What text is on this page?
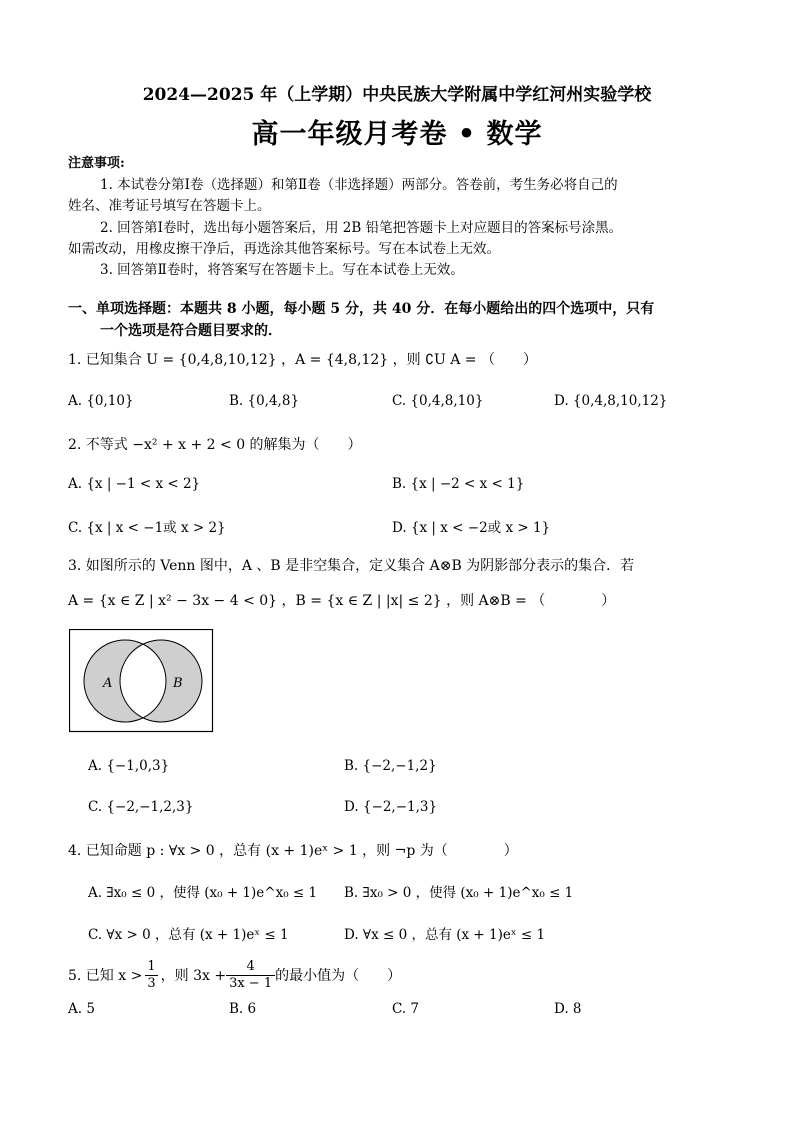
2024—2025 年（上学期）中央民族大学附属中学红河州实验学校
高一年级月考卷 • 数学
注意事项:
1. 本试卷分第Ⅰ卷（选择题）和第Ⅱ卷（非选择题）两部分。答卷前，考生务必将自己的
姓名、准考证号填写在答题卡上。
2. 回答第Ⅰ卷时，选出每小题答案后，用 2B 铅笔把答题卡上对应题目的答案标号涂黑。
如需改动，用橡皮擦干净后，再选涂其他答案标号。写在本试卷上无效。
3. 回答第Ⅱ卷时，将答案写在答题卡上。写在本试卷上无效。
一、单项选择题：本题共 8 小题，每小题 5 分，共 40 分．在每小题给出的四个选项中，只有
一个选项是符合题目要求的．
1. 已知集合 U = {0,4,8,10,12} ，A = {4,8,12} ，则 ∁U A = （　　）
A. {0,10}	B. {0,4,8}	C. {0,4,8,10}	D. {0,4,8,10,12}
2. 不等式 −x² + x + 2 < 0 的解集为（　　）
A. {x | −1 < x < 2}	B. {x | −2 < x < 1}
C. {x | x < −1或 x > 2}	D. {x | x < −2或 x > 1}
3. 如图所示的 Venn 图中，A 、B 是非空集合，定义集合 A⊗B 为阴影部分表示的集合．若
A = {x ∈ Z | x² − 3x − 4 < 0} ，B = {x ∈ Z | |x| ≤ 2} ，则 A⊗B = （　　　　）
A	B
A. {−1,0,3}	B. {−2,−1,2}
C. {−2,−1,2,3}	D. {−2,−1,3}
4. 已知命题 p : ∀x > 0 ，总有 (x + 1)eˣ > 1 ，则 ¬p 为（　　　　）
A. ∃x₀ ≤ 0 ，使得 (x₀ + 1)e^x₀ ≤ 1 B. ∃x₀ > 0 ，使得 (x₀ + 1)e^x₀ ≤ 1
C. ∀x > 0 ，总有 (x + 1)eˣ ≤ 1	D. ∀x ≤ 0 ，总有 (x + 1)eˣ ≤ 1
5. 已知 $x > \frac{1}{3}$ ，则 $3x + \frac{4}{3x - 1}$ 的最小值为（　　）
A. 5	B. 6	C. 7	D. 8
